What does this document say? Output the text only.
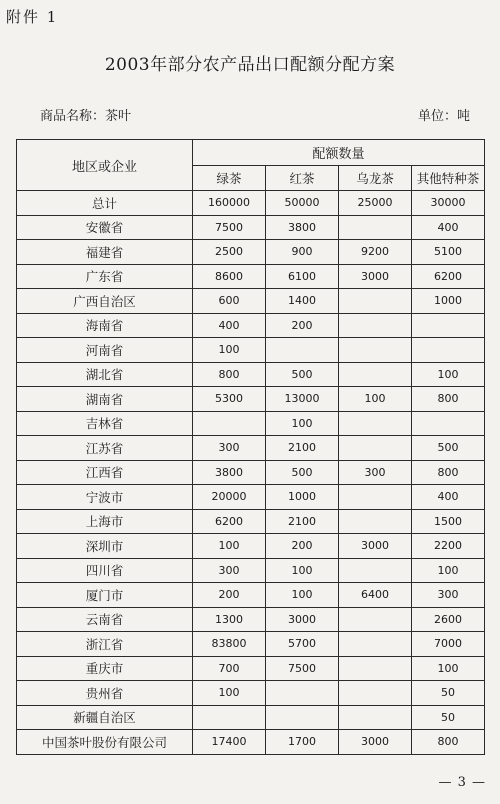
附件 1
2003年部分农产品出口配额分配方案
商品名称：茶叶	单位：吨
地区或企业	配额数量			
	绿茶	红茶	乌龙茶	其他特种茶
总计	160000	50000	25000	30000
安徽省	7500	3800		400
福建省	2500	900	9200	5100
广东省	8600	6100	3000	6200
广西自治区	600	1400		1000
海南省	400	200		
河南省	100			
湖北省	800	500		100
湖南省	5300	13000	100	800
吉林省		100		
江苏省	300	2100		500
江西省	3800	500	300	800
宁波市	20000	1000		400
上海市	6200	2100		1500
深圳市	100	200	3000	2200
四川省	300	100		100
厦门市	200	100	6400	300
云南省	1300	3000		2600
浙江省	83800	5700		7000
重庆市	700	7500		100
贵州省	100			50
新疆自治区				50
中国茶叶股份有限公司	17400	1700	3000	800
— 3 —
